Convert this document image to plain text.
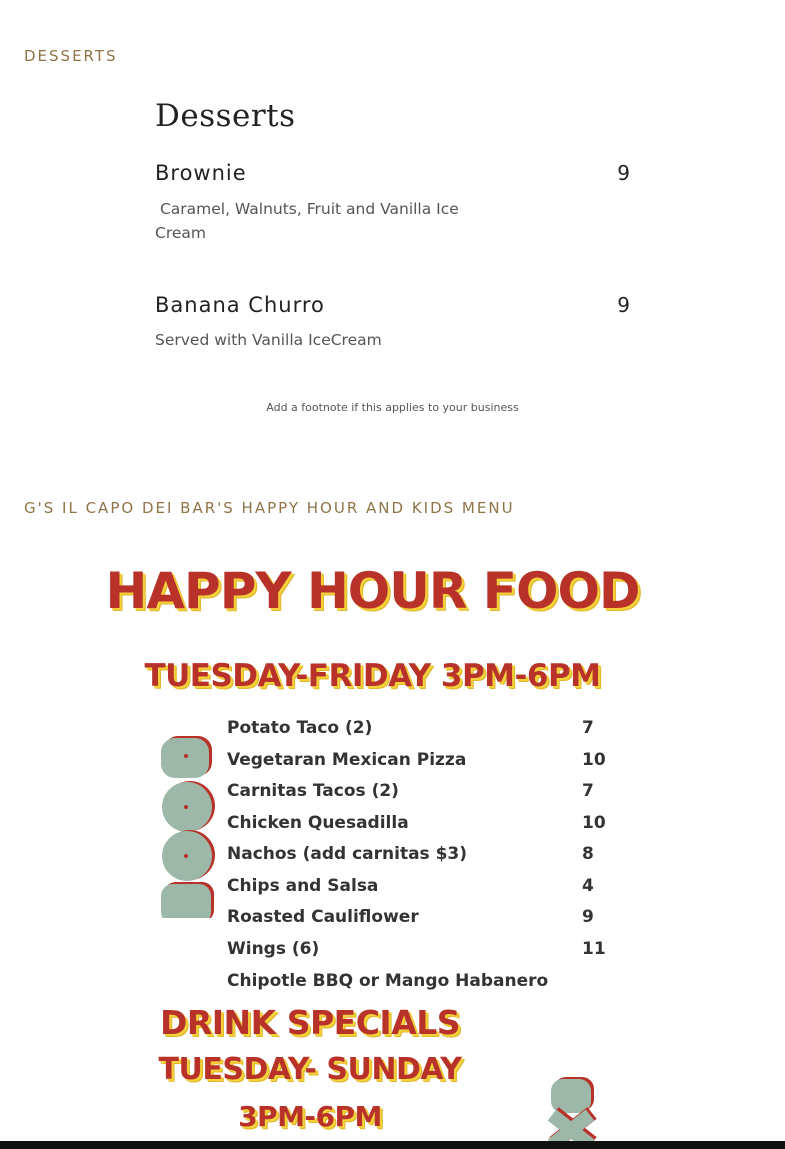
DESSERTS
Desserts
Brownie	9
Caramel, Walnuts, Fruit and Vanilla Ice Cream
Banana Churro	9
Served with Vanilla IceCream
Add a footnote if this applies to your business
G'S IL CAPO DEI BAR'S HAPPY HOUR AND KIDS MENU
HAPPY HOUR FOOD
TUESDAY-FRIDAY 3PM-6PM
Potato Taco (2)	7
Vegetaran Mexican Pizza	10
Carnitas Tacos (2)	7
Chicken Quesadilla	10
Nachos (add carnitas $3)	8
Chips and Salsa	4
Roasted Cauliflower	9
Wings (6)	11
Chipotle BBQ or Mango Habanero
DRINK SPECIALS
TUESDAY- SUNDAY
3PM-6PM
